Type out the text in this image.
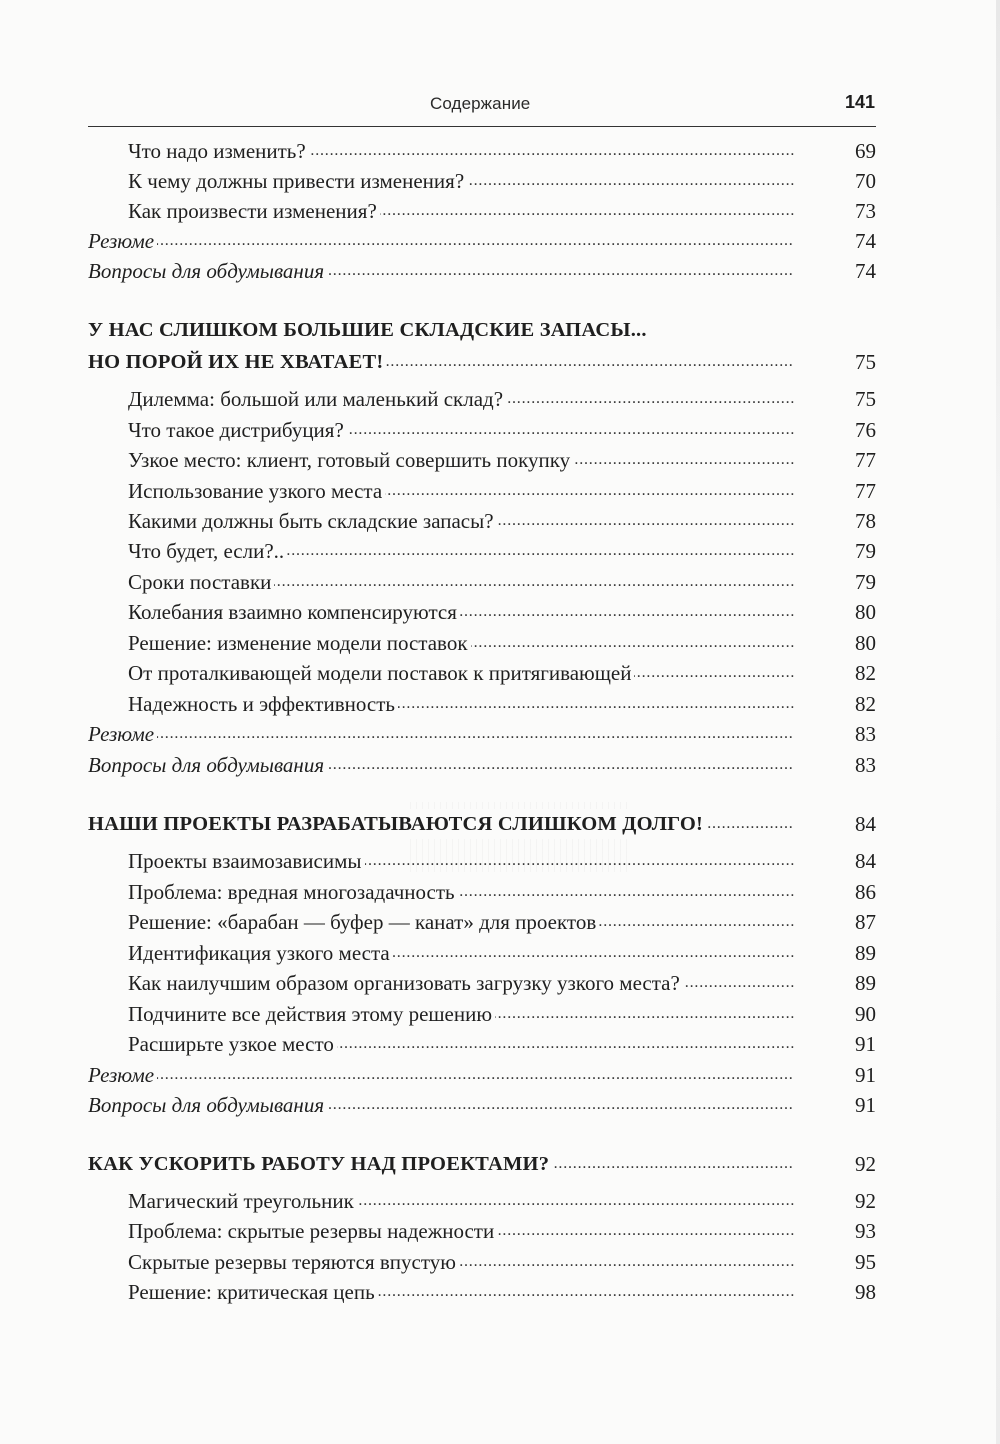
Содержание	141
.....
Что надо изменить?	69
.....
К чему должны привести изменения?	70
.....
Как произвести изменения?	73
.....
Резюме	74
.....
Вопросы для обдумывания	74
У НАС СЛИШКОМ БОЛЬШИЕ СКЛАДСКИЕ ЗАПАСЫ...
.....
НО ПОРОЙ ИХ НЕ ХВАТАЕТ!	75
.....
Дилемма: большой или маленький склад?	75
.....
Что такое дистрибуция?	76
.....
Узкое место: клиент, готовый совершить покупку	77
.....
Использование узкого места	77
.....
Какими должны быть складские запасы?	78
.....
Что будет, если?..	79
.....
Сроки поставки	79
.....
Колебания взаимно компенсируются	80
.....
Решение: изменение модели поставок	80
.....
От проталкивающей модели поставок к притягивающей	82
.....
Надежность и эффективность	82
.....
Резюме	83
.....
Вопросы для обдумывания	83
.....
НАШИ ПРОЕКТЫ РАЗРАБАТЫВАЮТСЯ СЛИШКОМ ДОЛГО!	84
.....
Проекты взаимозависимы	84
.....
Проблема: вредная многозадачность	86
.....
Решение: «барабан — буфер — канат» для проектов	87
.....
Идентификация узкого места	89
.....
Как наилучшим образом организовать загрузку узкого места?	89
.....
Подчините все действия этому решению	90
.....
Расширьте узкое место	91
.....
Резюме	91
.....
Вопросы для обдумывания	91
.....
КАК УСКОРИТЬ РАБОТУ НАД ПРОЕКТАМИ?	92
.....
Магический треугольник	92
.....
Проблема: скрытые резервы надежности	93
.....
Скрытые резервы теряются впустую	95
.....
Решение: критическая цепь	98
